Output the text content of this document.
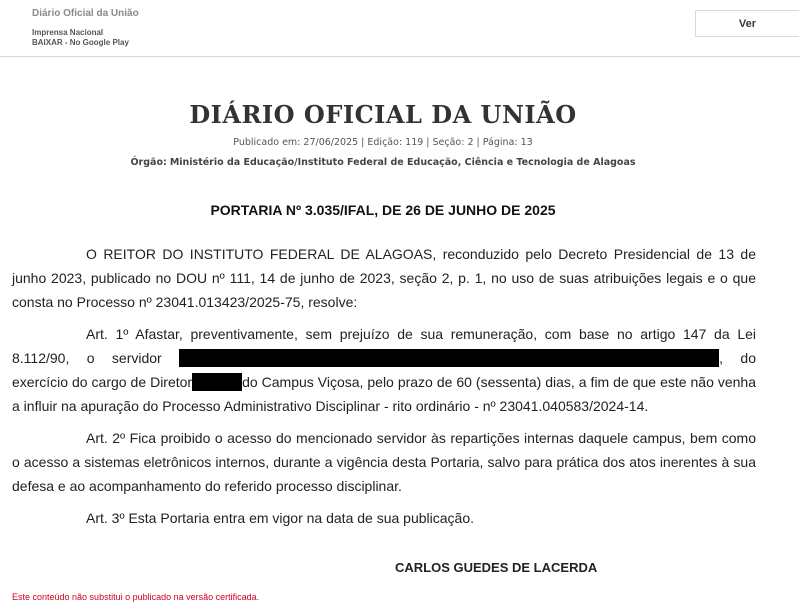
Diário Oficial da União
Imprensa Nacional
BAIXAR - No Google Play
Ver
DIÁRIO OFICIAL DA UNIÃO
Publicado em: 27/06/2025 | Edição: 119 | Seção: 2 | Página: 13
Órgão: Ministério da Educação/Instituto Federal de Educação, Ciência e Tecnologia de Alagoas
PORTARIA Nº 3.035/IFAL, DE 26 DE JUNHO DE 2025

O REITOR DO INSTITUTO FEDERAL DE ALAGOAS, reconduzido pelo Decreto Presidencial de 13 de junho 2023, publicado no DOU nº 111, 14 de junho de 2023, seção 2, p. 1, no uso de suas atribuições legais e o que consta no Processo nº 23041.013423/2025-75, resolve:

Art. 1º Afastar, preventivamente, sem prejuízo de sua remuneração, com base no artigo 147 da Lei 8.112/90, o servidor	, do exercício do cargo de Diretor	do Campus Viçosa, pelo prazo de 60 (sessenta) dias, a fim de que este não venha a influir na apuração do Processo Administrativo Disciplinar - rito ordinário - nº 23041.040583/2024-14.

Art. 2º Fica proibido o acesso do mencionado servidor às repartições internas daquele campus, bem como o acesso a sistemas eletrônicos internos, durante a vigência desta Portaria, salvo para prática dos atos inerentes à sua defesa e ao acompanhamento do referido processo disciplinar.

Art. 3º Esta Portaria entra em vigor na data de sua publicação.

CARLOS GUEDES DE LACERDA
Este conteúdo não substitui o publicado na versão certificada.
